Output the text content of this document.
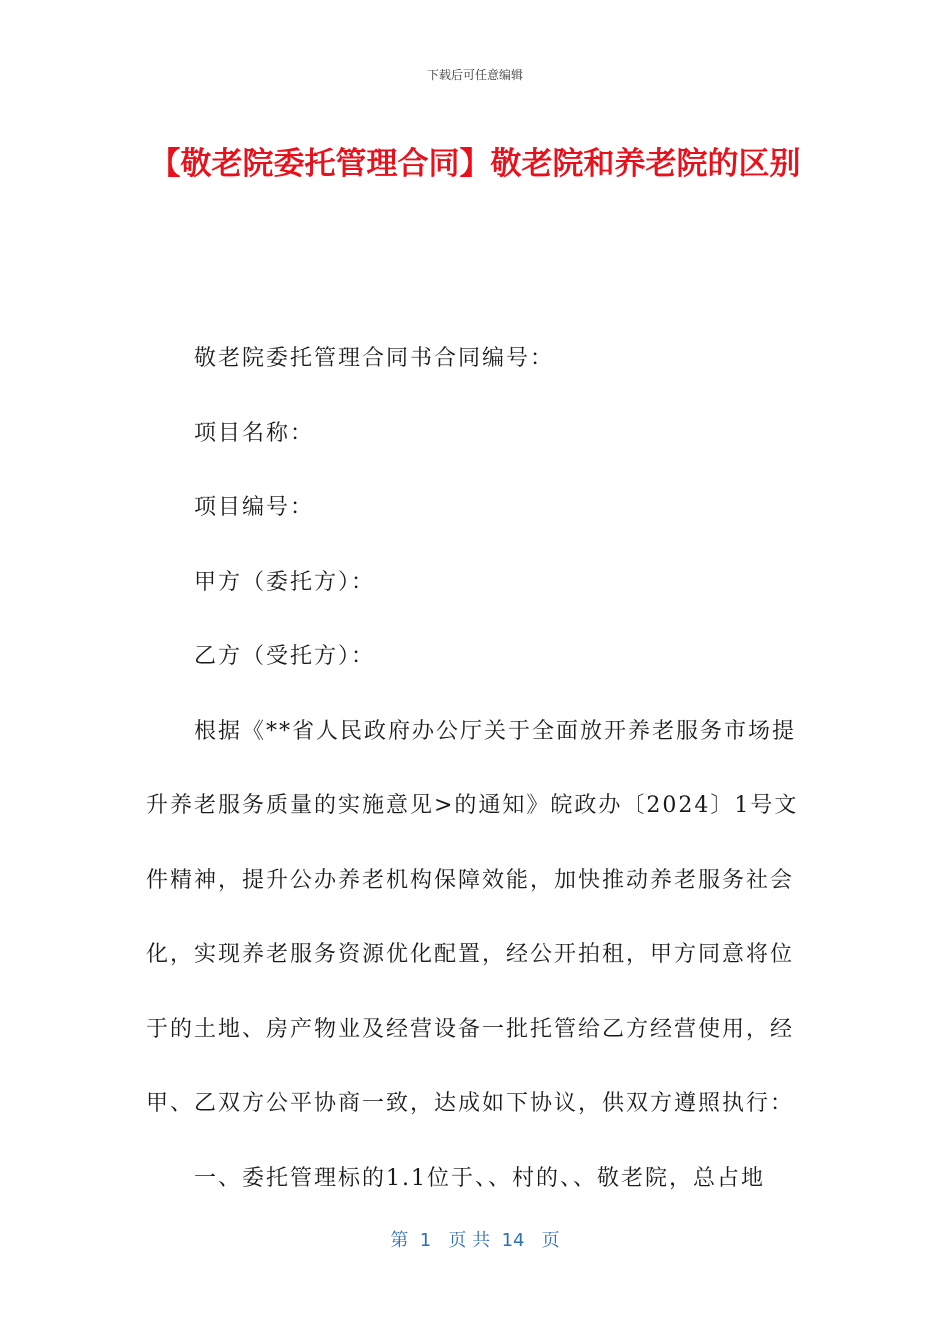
下载后可任意编辑
【敬老院委托管理合同】敬老院和养老院的区别

敬老院委托管理合同书合同编号：

项目名称：

项目编号：

甲方（委托方）：

乙方（受托方）：

根据《**省人民政府办公厅关于全面放开养老服务市场提升养老服务质量的实施意见>的通知》皖政办〔2024〕1号文件精神，提升公办养老机构保障效能，加快推动养老服务社会化，实现养老服务资源优化配置，经公开拍租，甲方同意将位于的土地、房产物业及经营设备一批托管给乙方经营使用，经甲、乙双方公平协商一致，达成如下协议，供双方遵照执行：

一、委托管理标的1.1位于、、村的、、敬老院，总占地

第  1   页 共  14   页
